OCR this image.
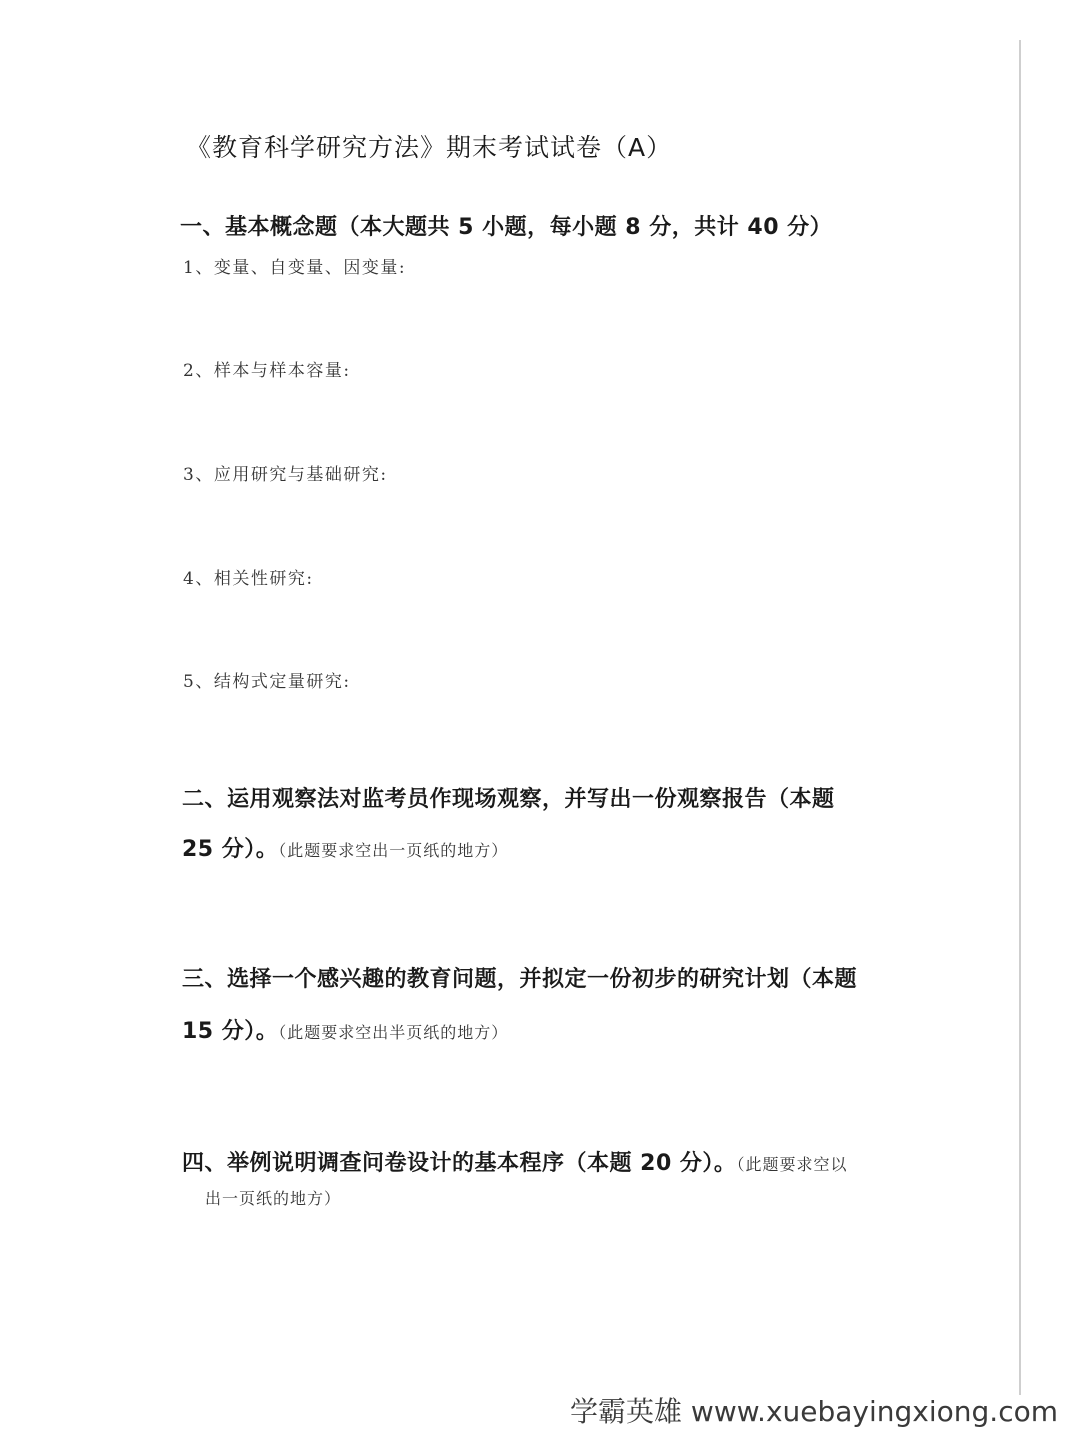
《教育科学研究方法》期末考试试卷（A）
一、基本概念题（本大题共 5 小题，每小题 8 分，共计 40 分）
1、变量、自变量、因变量:
2、样本与样本容量:
3、应用研究与基础研究:
4、相关性研究:
5、结构式定量研究:
二、运用观察法对监考员作现场观察，并写出一份观察报告（本题
25 分）。（此题要求空出一页纸的地方）
三、选择一个感兴趣的教育问题，并拟定一份初步的研究计划（本题
15 分）。（此题要求空出半页纸的地方）
四、举例说明调查问卷设计的基本程序（本题 20 分）。（此题要求空以
出一页纸的地方）
学霸英雄 www.xuebayingxiong.com
